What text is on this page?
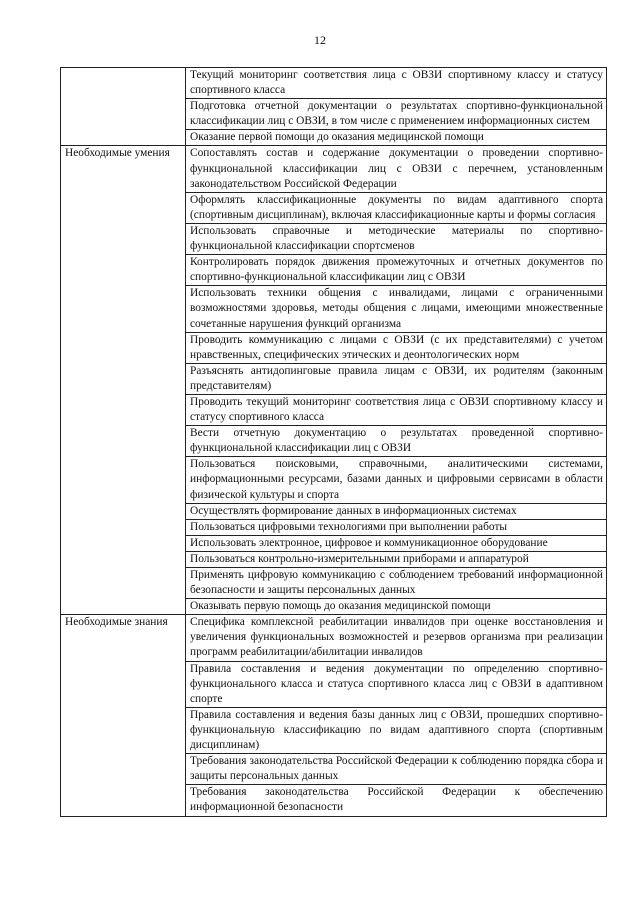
12
	Текущий мониторинг соответствия лица с ОВЗИ спортивному классу и статусу спортивного класса
	Подготовка отчетной документации о результатах спортивно-функциональной классификации лиц с ОВЗИ, в том числе с применением информационных систем
	Оказание первой помощи до оказания медицинской помощи
Необходимые умения	Сопоставлять состав и содержание документации о проведении спортивно-функциональной классификации лиц с ОВЗИ с перечнем, установленным законодательством Российской Федерации
	Оформлять классификационные документы по видам адаптивного спорта (спортивным дисциплинам), включая классификационные карты и формы согласия
	Использовать справочные и методические материалы по спортивно-функциональной классификации спортсменов
	Контролировать порядок движения промежуточных и отчетных документов по спортивно-функциональной классификации лиц с ОВЗИ
	Использовать техники общения с инвалидами, лицами с ограниченными возможностями здоровья, методы общения с лицами, имеющими множественные сочетанные нарушения функций организма
	Проводить коммуникацию с лицами с ОВЗИ (с их представителями) с учетом нравственных, специфических этических и деонтологических норм
	Разъяснять антидопинговые правила лицам с ОВЗИ, их родителям (законным представителям)
	Проводить текущий мониторинг соответствия лица с ОВЗИ спортивному классу и статусу спортивного класса
	Вести отчетную документацию о результатах проведенной спортивно-функциональной классификации лиц с ОВЗИ
	Пользоваться поисковыми, справочными, аналитическими системами, информационными ресурсами, базами данных и цифровыми сервисами в области физической культуры и спорта
	Осуществлять формирование данных в информационных системах
	Пользоваться цифровыми технологиями при выполнении работы
	Использовать электронное, цифровое и коммуникационное оборудование
	Пользоваться контрольно-измерительными приборами и аппаратурой
	Применять цифровую коммуникацию с соблюдением требований информационной безопасности и защиты персональных данных
	Оказывать первую помощь до оказания медицинской помощи
Необходимые знания	Специфика комплексной реабилитации инвалидов при оценке восстановления и увеличения функциональных возможностей и резервов организма при реализации программ реабилитации/абилитации инвалидов
	Правила составления и ведения документации по определению спортивно-функционального класса и статуса спортивного класса лиц с ОВЗИ в адаптивном спорте
	Правила составления и ведения базы данных лиц с ОВЗИ, прошедших спортивно-функциональную классификацию по видам адаптивного спорта (спортивным дисциплинам)
	Требования законодательства Российской Федерации к соблюдению порядка сбора и защиты персональных данных
	Требования законодательства Российской Федерации к обеспечению информационной безопасности
